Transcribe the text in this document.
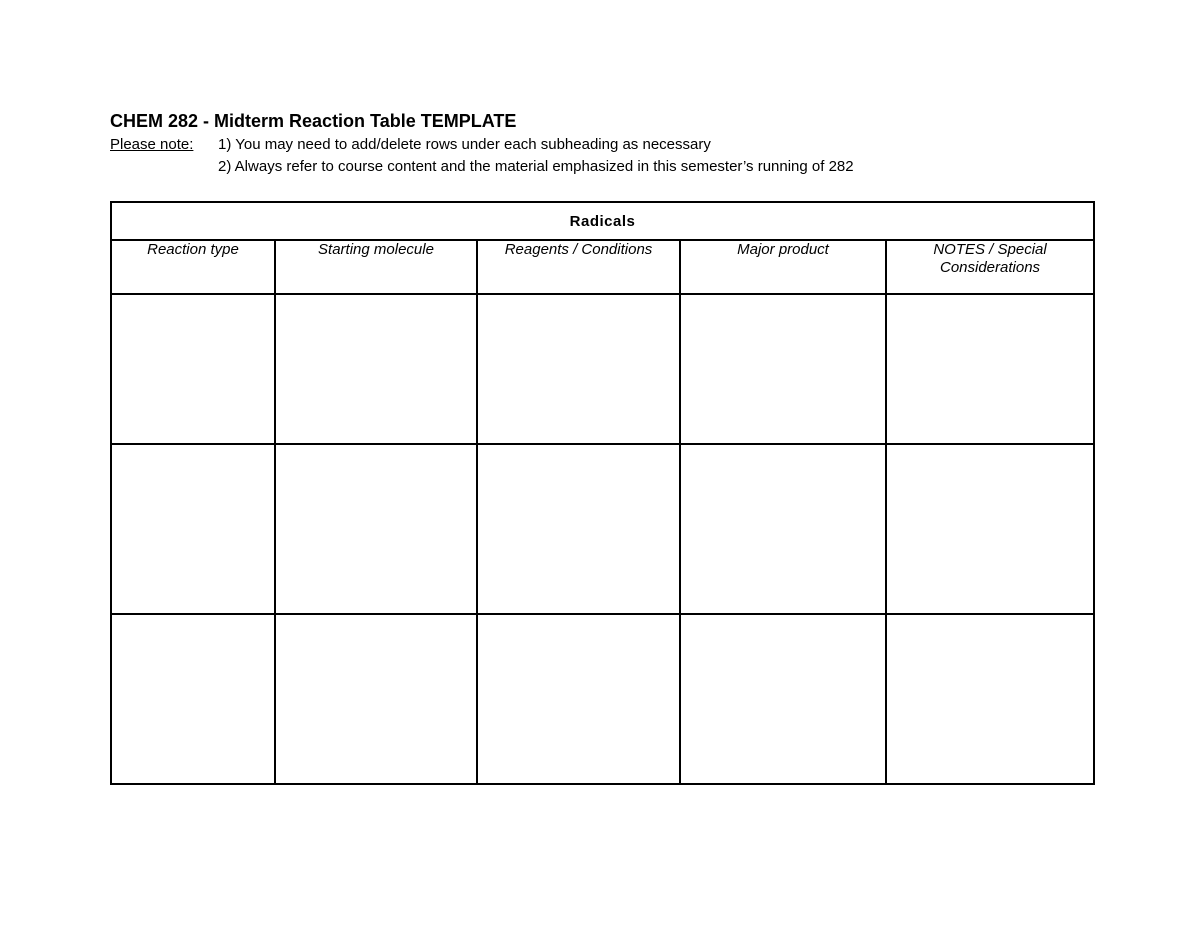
CHEM 282 - Midterm Reaction Table TEMPLATE
Please note: 1) You may need to add/delete rows under each subheading as necessary
2) Always refer to course content and the material emphasized in this semester’s running of 282
Radicals				
Reaction type	Starting molecule	Reagents / Conditions	Major product	NOTES / Special Considerations
